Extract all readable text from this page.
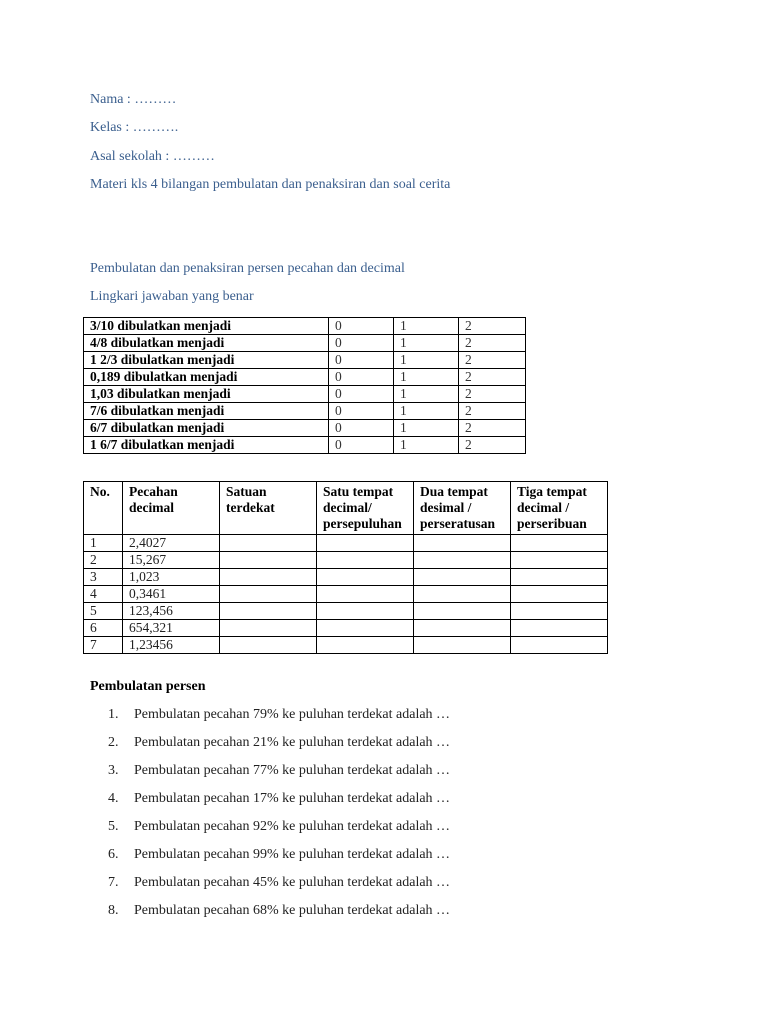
Nama : ………
Kelas : ……….
Asal sekolah : ………
Materi kls 4 bilangan pembulatan dan penaksiran dan soal cerita
Pembulatan dan penaksiran persen pecahan dan decimal
Lingkari jawaban yang benar
3/10 dibulatkan menjadi	0	1	2
4/8 dibulatkan menjadi	0	1	2
1 2/3 dibulatkan menjadi	0	1	2
0,189 dibulatkan menjadi	0	1	2
1,03 dibulatkan menjadi	0	1	2
7/6 dibulatkan menjadi	0	1	2
6/7 dibulatkan menjadi	0	1	2
1 6/7 dibulatkan menjadi	0	1	2
No.	Pecahan decimal	Satuan terdekat	Satu tempat decimal/ persepuluhan	Dua tempat desimal / perseratusan	Tiga tempat decimal / perseribuan
1	2,4027				
2	15,267				
3	1,023				
4	0,3461				
5	123,456				
6	654,321				
7	1,23456				
Pembulatan persen
1. Pembulatan pecahan 79% ke puluhan terdekat adalah …
2. Pembulatan pecahan 21% ke puluhan terdekat adalah …
3. Pembulatan pecahan 77% ke puluhan terdekat adalah …
4. Pembulatan pecahan 17% ke puluhan terdekat adalah …
5. Pembulatan pecahan 92% ke puluhan terdekat adalah …
6. Pembulatan pecahan 99% ke puluhan terdekat adalah …
7. Pembulatan pecahan 45% ke puluhan terdekat adalah …
8. Pembulatan pecahan 68% ke puluhan terdekat adalah …
